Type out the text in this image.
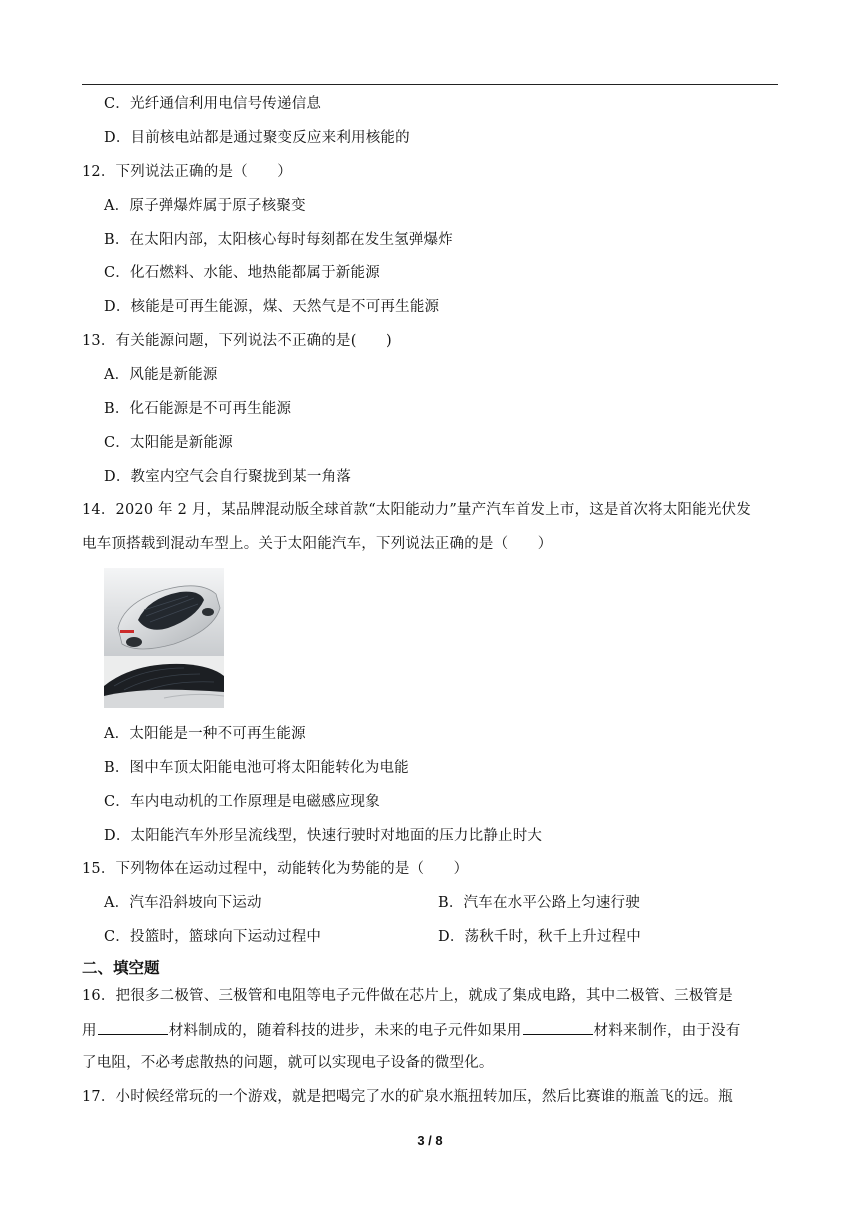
C．光纤通信利用电信号传递信息
D．目前核电站都是通过聚变反应来利用核能的
12．下列说法正确的是（　　）
A．原子弹爆炸属于原子核聚变
B．在太阳内部，太阳核心每时每刻都在发生氢弹爆炸
C．化石燃料、水能、地热能都属于新能源
D．核能是可再生能源，煤、天然气是不可再生能源
13．有关能源问题，下列说法不正确的是(　　)
A．风能是新能源
B．化石能源是不可再生能源
C．太阳能是新能源
D．教室内空气会自行聚拢到某一角落
14．2020 年 2 月，某品牌混动版全球首款“太阳能动力”量产汽车首发上市，这是首次将太阳能光伏发
电车顶搭载到混动车型上。关于太阳能汽车，下列说法正确的是（　　）
A．太阳能是一种不可再生能源
B．图中车顶太阳能电池可将太阳能转化为电能
C．车内电动机的工作原理是电磁感应现象
D．太阳能汽车外形呈流线型，快速行驶时对地面的压力比静止时大
15．下列物体在运动过程中，动能转化为势能的是（　　）
A．汽车沿斜坡向下运动	B．汽车在水平公路上匀速行驶
C．投篮时，篮球向下运动过程中	D．荡秋千时，秋千上升过程中
二、填空题
16．把很多二极管、三极管和电阻等电子元件做在芯片上，就成了集成电路，其中二极管、三极管是
用	材料制成的，随着科技的进步，未来的电子元件如果用	材料来制作，由于没有
了电阻，不必考虑散热的问题，就可以实现电子设备的微型化。
17．小时候经常玩的一个游戏，就是把喝完了水的矿泉水瓶扭转加压，然后比赛谁的瓶盖飞的远。瓶
3 / 8
